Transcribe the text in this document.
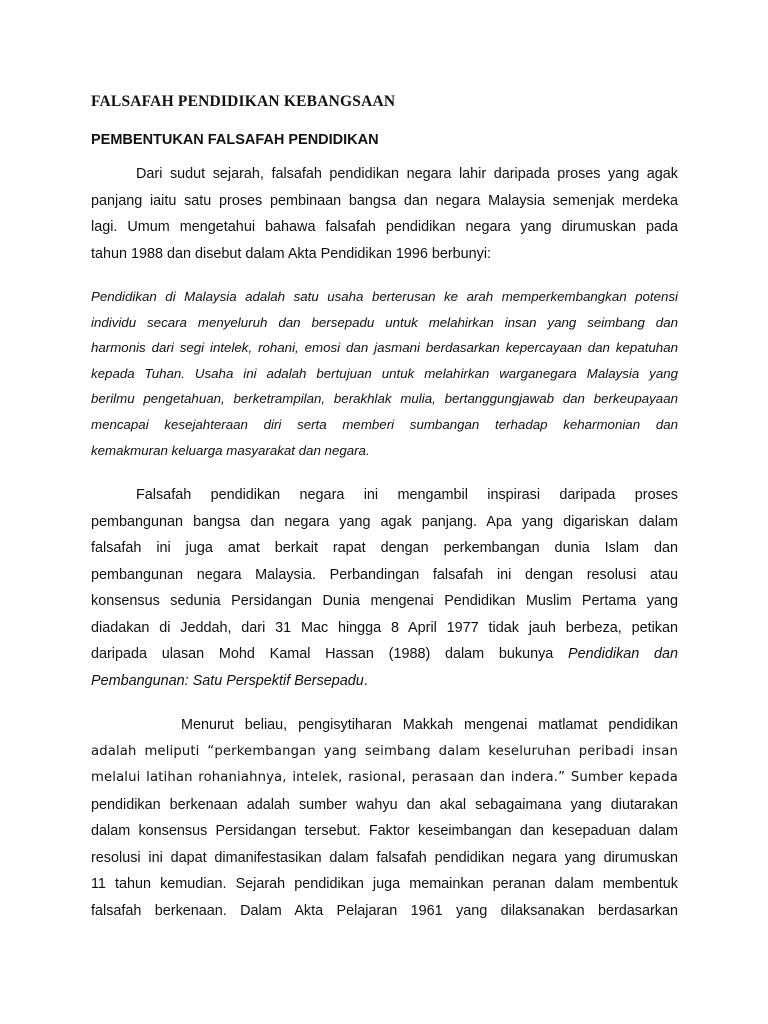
FALSAFAH PENDIDIKAN KEBANGSAAN
PEMBENTUKAN FALSAFAH PENDIDIKAN

Dari sudut sejarah, falsafah pendidikan negara lahir daripada proses yang agak
panjang iaitu satu proses pembinaan bangsa dan negara Malaysia semenjak merdeka
lagi. Umum mengetahui bahawa falsafah pendidikan negara yang dirumuskan pada
tahun 1988 dan disebut dalam Akta Pendidikan 1996 berbunyi:

Pendidikan di Malaysia adalah satu usaha berterusan ke arah memperkembangkan potensi
individu secara menyeluruh dan bersepadu untuk melahirkan insan yang seimbang dan
harmonis dari segi intelek, rohani, emosi dan jasmani berdasarkan kepercayaan dan kepatuhan
kepada Tuhan. Usaha ini adalah bertujuan untuk melahirkan warganegara Malaysia yang
berilmu pengetahuan, berketrampilan, berakhlak mulia, bertanggungjawab dan berkeupayaan
mencapai kesejahteraan diri serta memberi sumbangan terhadap keharmonian dan
kemakmuran keluarga masyarakat dan negara.

Falsafah pendidikan negara ini mengambil inspirasi daripada proses
pembangunan bangsa dan negara yang agak panjang. Apa yang digariskan dalam
falsafah ini juga amat berkait rapat dengan perkembangan dunia Islam dan
pembangunan negara Malaysia. Perbandingan falsafah ini dengan resolusi atau
konsensus sedunia Persidangan Dunia mengenai Pendidikan Muslim Pertama yang
diadakan di Jeddah, dari 31 Mac hingga 8 April 1977 tidak jauh berbeza, petikan
daripada ulasan Mohd Kamal Hassan (1988) dalam bukunya Pendidikan dan
Pembangunan: Satu Perspektif Bersepadu.

Menurut beliau, pengisytiharan Makkah mengenai matlamat pendidikan
adalah meliputi “perkembangan yang seimbang dalam keseluruhan peribadi insan
melalui latihan rohaniahnya, intelek, rasional, perasaan dan indera.” Sumber kepada
pendidikan berkenaan adalah sumber wahyu dan akal sebagaimana yang diutarakan
dalam konsensus Persidangan tersebut. Faktor keseimbangan dan kesepaduan dalam
resolusi ini dapat dimanifestasikan dalam falsafah pendidikan negara yang dirumuskan
11 tahun kemudian. Sejarah pendidikan juga memainkan peranan dalam membentuk
falsafah berkenaan. Dalam Akta Pelajaran 1961 yang dilaksanakan berdasarkan
